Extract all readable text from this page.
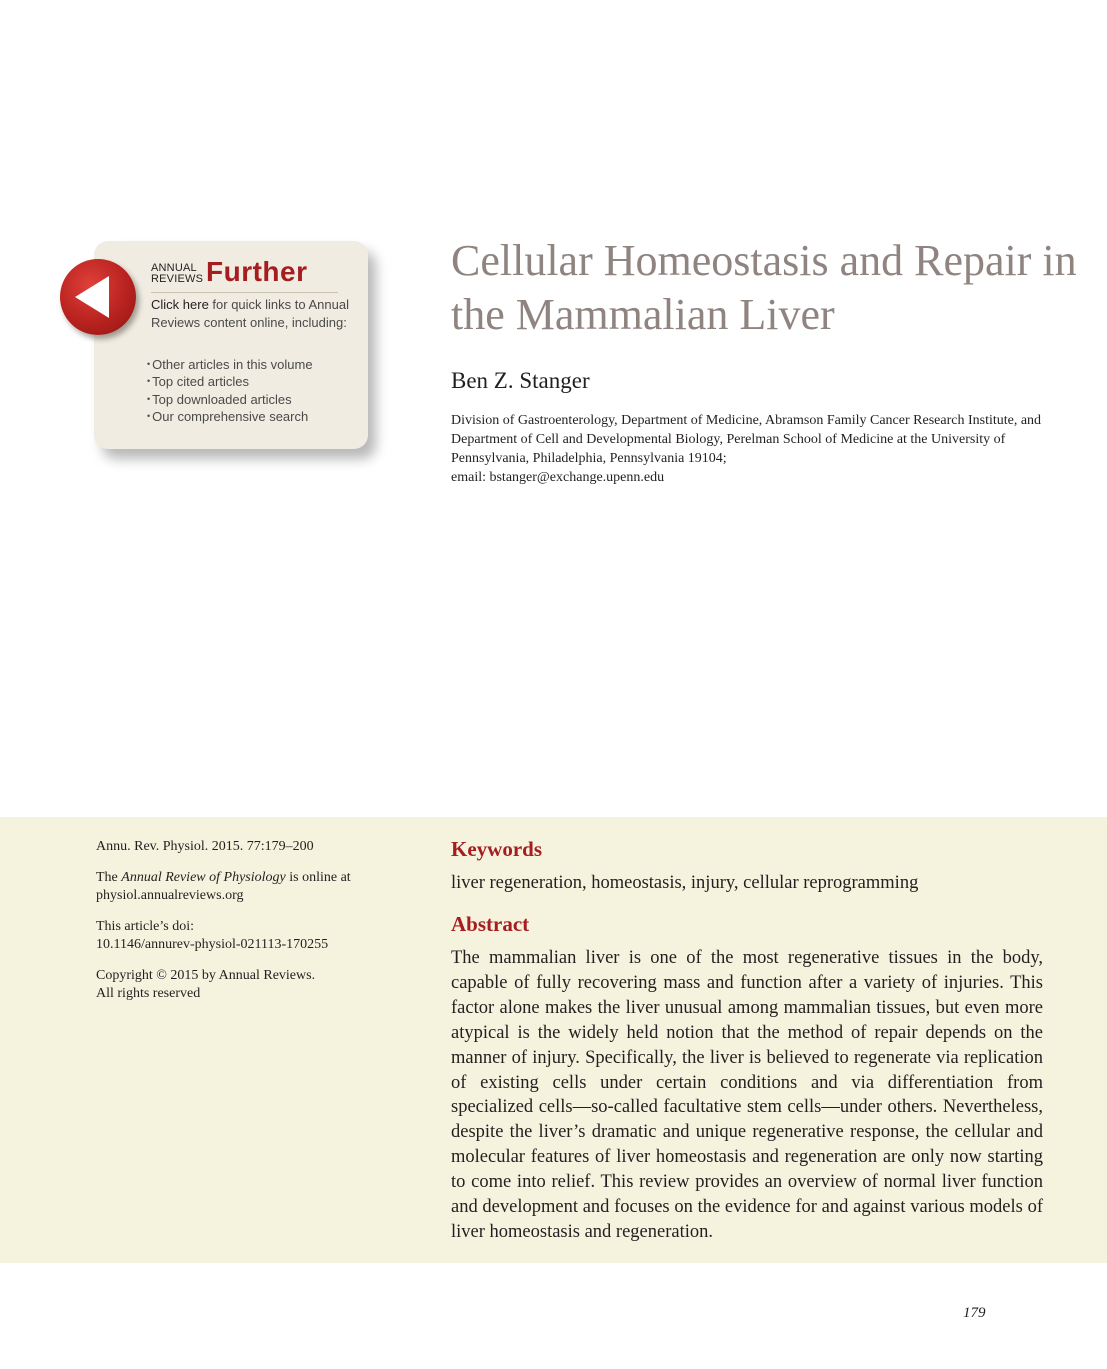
ANNUAL
REVIEWS Further
Click here for quick links to Annual Reviews content online, including:
• Other articles in this volume
• Top cited articles
• Top downloaded articles
• Our comprehensive search
Cellular Homeostasis and Repair in the Mammalian Liver
Ben Z. Stanger
Division of Gastroenterology, Department of Medicine, Abramson Family Cancer Research Institute, and Department of Cell and Developmental Biology, Perelman School of Medicine at the University of Pennsylvania, Philadelphia, Pennsylvania 19104;
email: bstanger@exchange.upenn.edu

Annu. Rev. Physiol. 2015. 77:179–200

The Annual Review of Physiology is online at physiol.annualreviews.org

This article’s doi:
10.1146/annurev-physiol-021113-170255

Copyright © 2015 by Annual Reviews.
All rights reserved

Keywords
liver regeneration, homeostasis, injury, cellular reprogramming
Abstract

The mammalian liver is one of the most regenerative tissues in the body, capable of fully recovering mass and function after a variety of injuries. This factor alone makes the liver unusual among mammalian tissues, but even more atypical is the widely held notion that the method of repair depends on the manner of injury. Specifically, the liver is believed to regenerate via replication of existing cells under certain conditions and via differentiation from specialized cells—so-called facultative stem cells—under others. Nevertheless, despite the liver’s dramatic and unique regenerative response, the cellular and molecular features of liver homeostasis and regeneration are only now starting to come into relief. This review provides an overview of normal liver function and development and focuses on the evidence for and against various models of liver homeostasis and regeneration.

179
